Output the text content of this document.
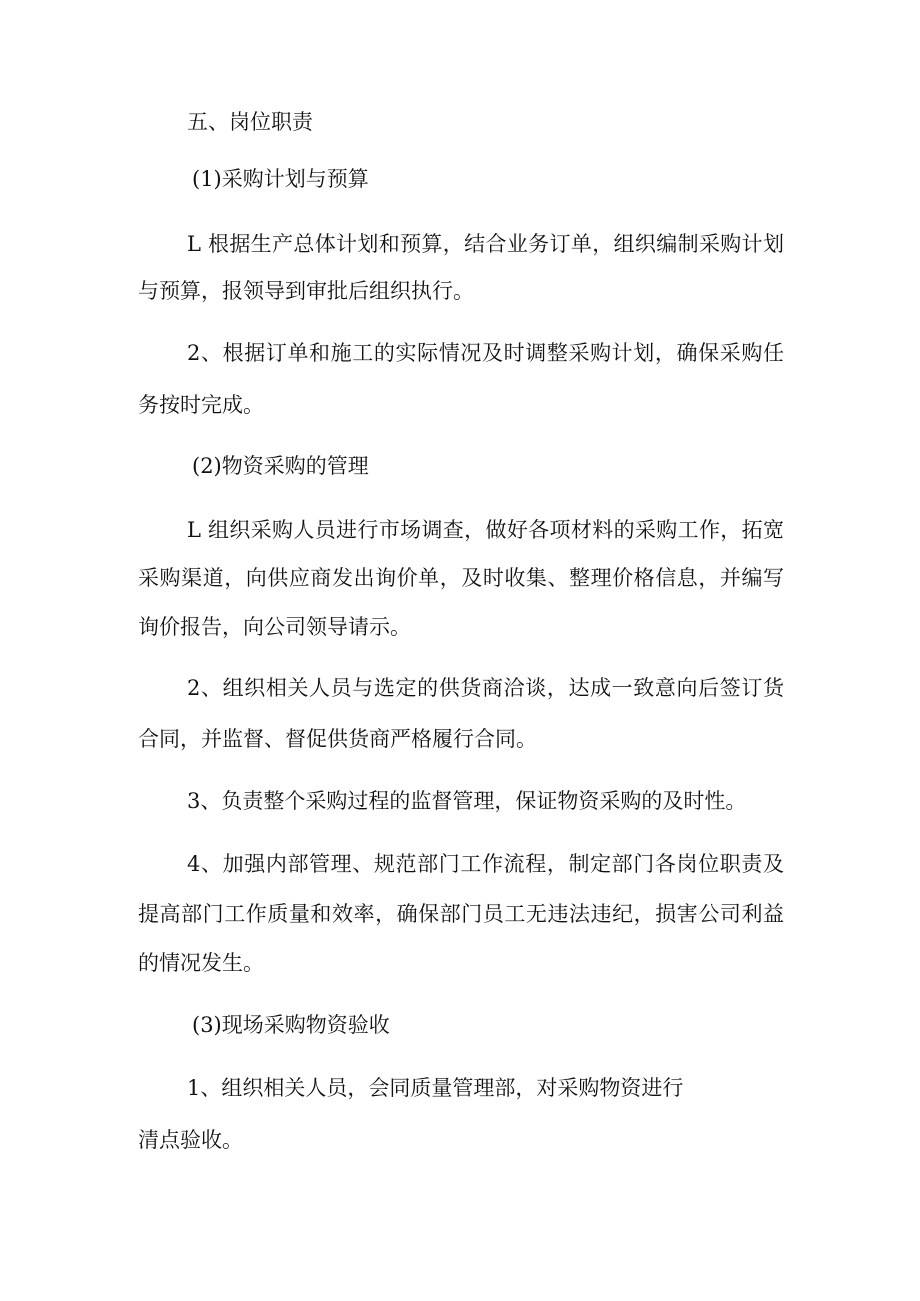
五、岗位职责
(1)采购计划与预算
L 根据生产总体计划和预算，结合业务订单，组织编制采购计划
与预算，报领导到审批后组织执行。
2、根据订单和施工的实际情况及时调整采购计划，确保采购任
务按时完成。
(2)物资采购的管理
L 组织采购人员进行市场调查，做好各项材料的采购工作，拓宽
采购渠道，向供应商发出询价单，及时收集、整理价格信息，并编写
询价报告，向公司领导请示。
2、组织相关人员与选定的供货商洽谈，达成一致意向后签订货
合同，并监督、督促供货商严格履行合同。
3、负责整个采购过程的监督管理，保证物资采购的及时性。
4、加强内部管理、规范部门工作流程，制定部门各岗位职责及
提高部门工作质量和效率，确保部门员工无违法违纪，损害公司利益
的情况发生。
(3)现场采购物资验收
1、组织相关人员，会同质量管理部，对采购物资进行
清点验收。
